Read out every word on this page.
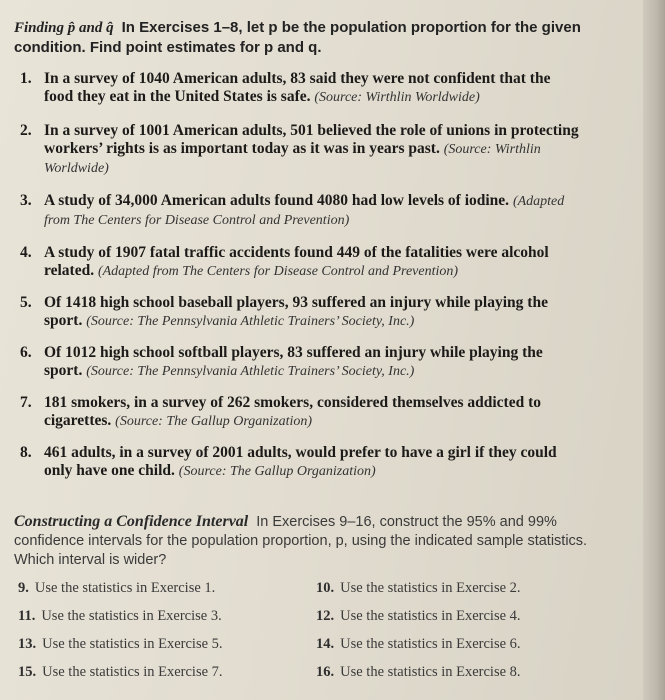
Finding p̂ and q̂ In Exercises 1–8, let p be the population proportion for the given condition. Find point estimates for p and q.
1. In a survey of 1040 American adults, 83 said they were not confident that the food they eat in the United States is safe. (Source: Wirthlin Worldwide)
2. In a survey of 1001 American adults, 501 believed the role of unions in protecting workers’ rights is as important today as it was in years past. (Source: Wirthlin Worldwide)
3. A study of 34,000 American adults found 4080 had low levels of iodine. (Adapted from The Centers for Disease Control and Prevention)
4. A study of 1907 fatal traffic accidents found 449 of the fatalities were alcohol related. (Adapted from The Centers for Disease Control and Prevention)
5. Of 1418 high school baseball players, 93 suffered an injury while playing the sport. (Source: The Pennsylvania Athletic Trainers’ Society, Inc.)
6. Of 1012 high school softball players, 83 suffered an injury while playing the sport. (Source: The Pennsylvania Athletic Trainers’ Society, Inc.)
7. 181 smokers, in a survey of 262 smokers, considered themselves addicted to cigarettes. (Source: The Gallup Organization)
8. 461 adults, in a survey of 2001 adults, would prefer to have a girl if they could only have one child. (Source: The Gallup Organization)
Constructing a Confidence Interval In Exercises 9–16, construct the 95% and 99% confidence intervals for the population proportion, p, using the indicated sample statistics. Which interval is wider?
9. Use the statistics in Exercise 1.	10. Use the statistics in Exercise 2.
11. Use the statistics in Exercise 3.	12. Use the statistics in Exercise 4.
13. Use the statistics in Exercise 5.	14. Use the statistics in Exercise 6.
15. Use the statistics in Exercise 7.	16. Use the statistics in Exercise 8.
